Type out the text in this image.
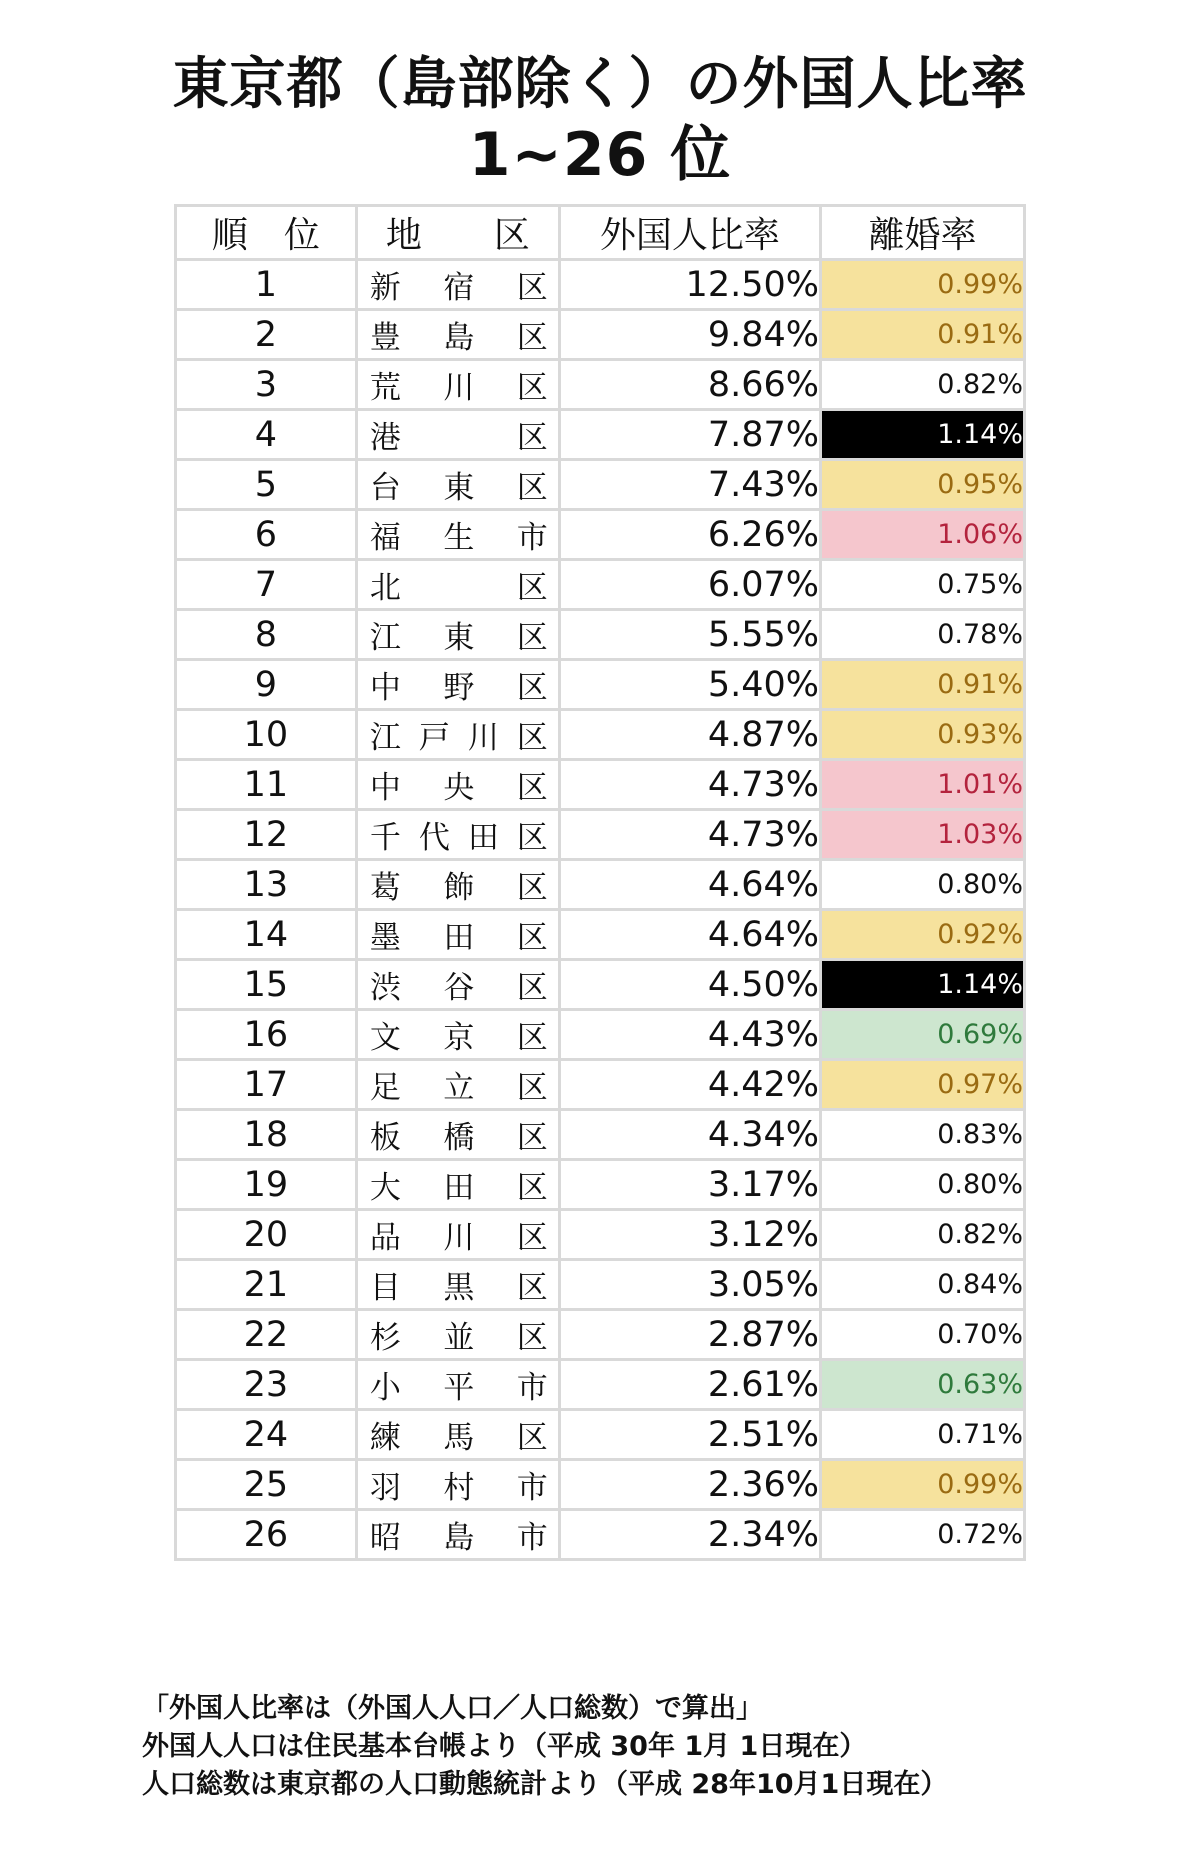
東京都（島部除く）の外国人比率
1~26 位
順　位	地　　区	外国人比率	離婚率
1	新 宿 区	12.50%	0.99%
2	豊 島 区	9.84%	0.91%
3	荒 川 区	8.66%	0.82%
4	港 区	7.87%	1.14%
5	台 東 区	7.43%	0.95%
6	福 生 市	6.26%	1.06%
7	北 区	6.07%	0.75%
8	江 東 区	5.55%	0.78%
9	中 野 区	5.40%	0.91%
10	江 戸 川 区	4.87%	0.93%
11	中 央 区	4.73%	1.01%
12	千 代 田 区	4.73%	1.03%
13	葛 飾 区	4.64%	0.80%
14	墨 田 区	4.64%	0.92%
15	渋 谷 区	4.50%	1.14%
16	文 京 区	4.43%	0.69%
17	足 立 区	4.42%	0.97%
18	板 橋 区	4.34%	0.83%
19	大 田 区	3.17%	0.80%
20	品 川 区	3.12%	0.82%
21	目 黒 区	3.05%	0.84%
22	杉 並 区	2.87%	0.70%
23	小 平 市	2.61%	0.63%
24	練 馬 区	2.51%	0.71%
25	羽 村 市	2.36%	0.99%
26	昭 島 市	2.34%	0.72%
「外国人比率は（外国人人口／人口総数）で算出」
外国人人口は住民基本台帳より（平成 30年 1月 1日現在）
人口総数は東京都の人口動態統計より（平成 28年10月1日現在）
